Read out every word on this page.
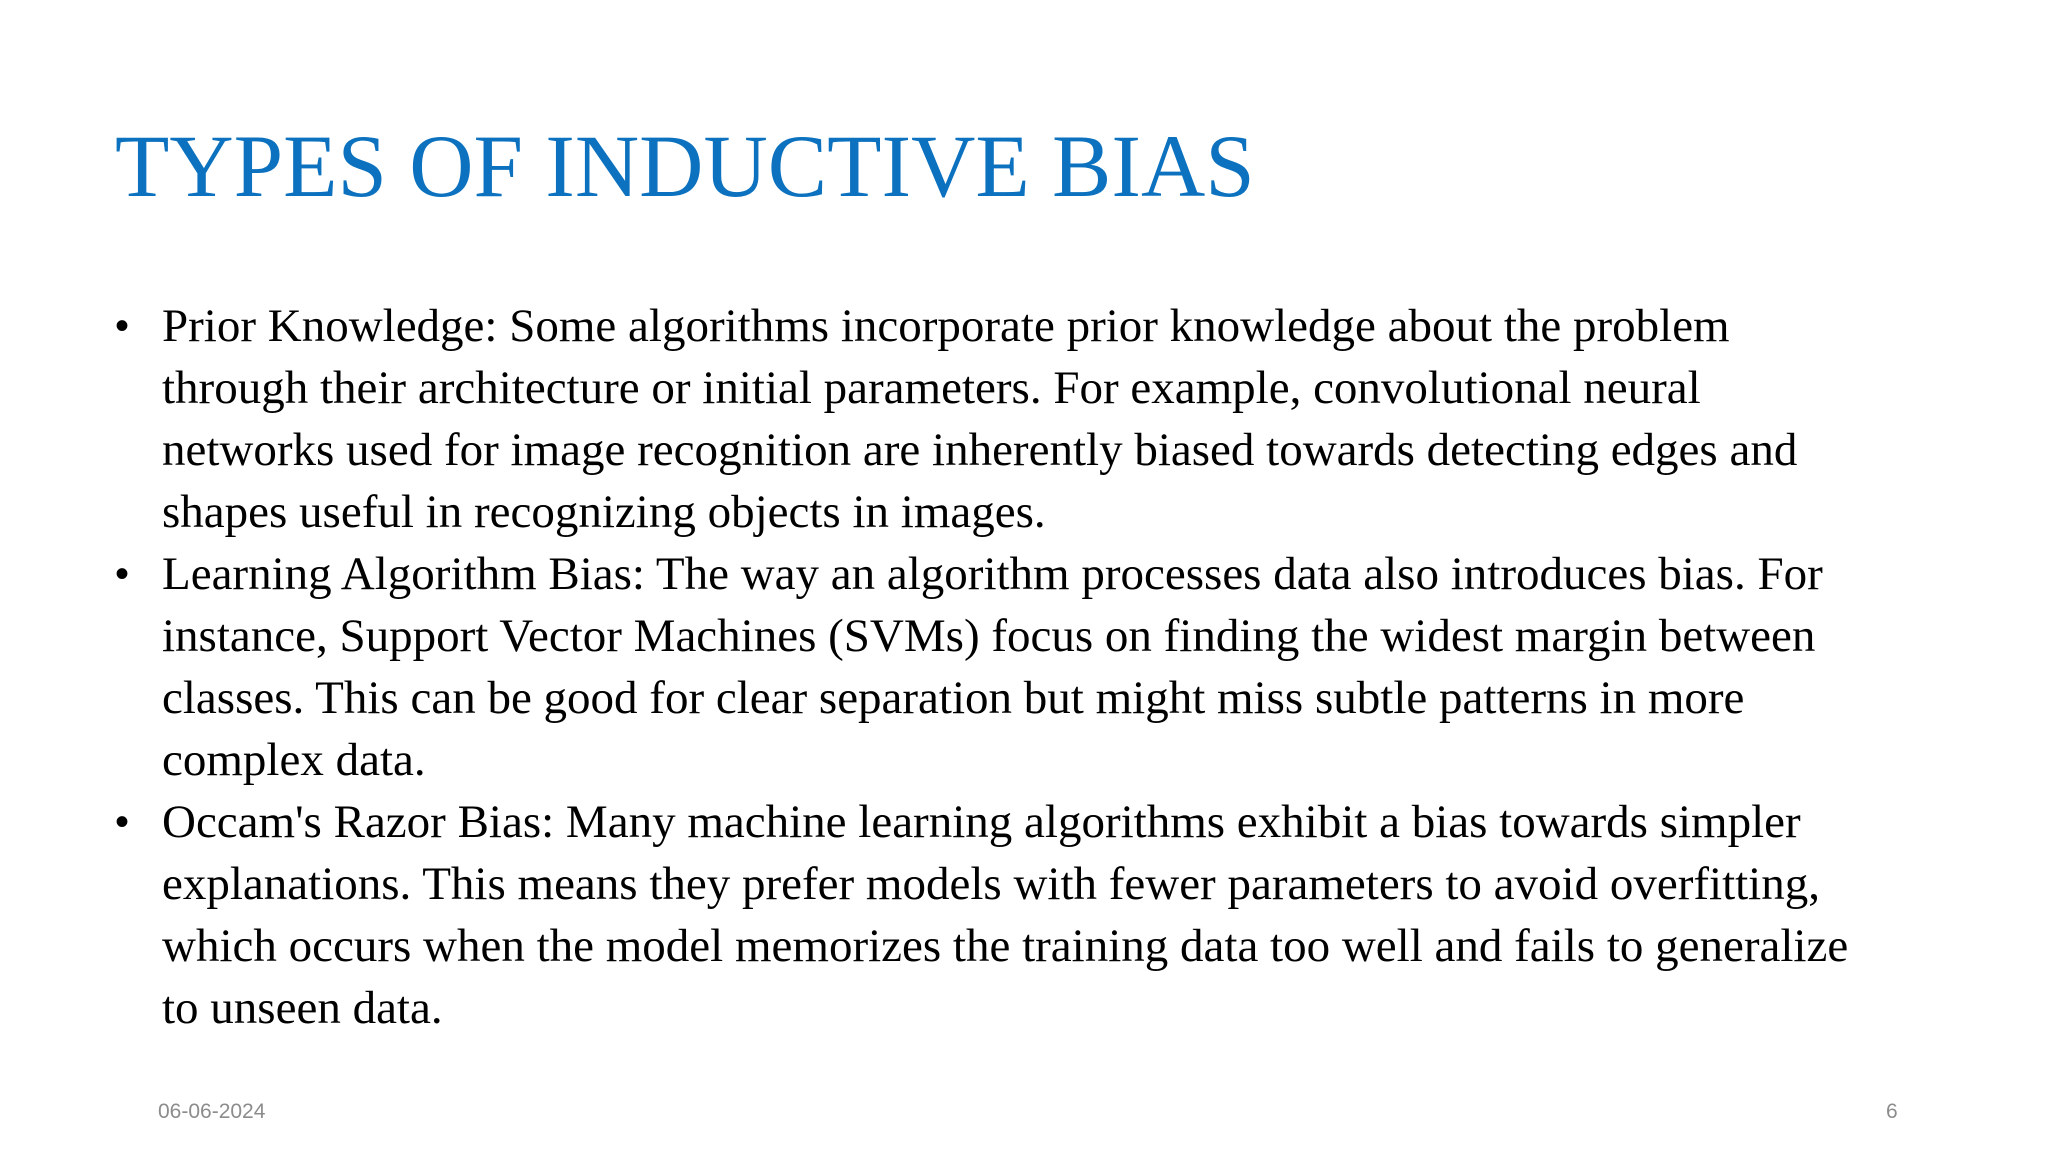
TYPES OF INDUCTIVE BIAS
• Prior Knowledge: Some algorithms incorporate prior knowledge about the problem through their architecture or initial parameters. For example, convolutional neural networks used for image recognition are inherently biased towards detecting edges and shapes useful in recognizing objects in images.
• Learning Algorithm Bias: The way an algorithm processes data also introduces bias. For instance, Support Vector Machines (SVMs) focus on finding the widest margin between classes. This can be good for clear separation but might miss subtle patterns in more complex data.
• Occam's Razor Bias: Many machine learning algorithms exhibit a bias towards simpler explanations. This means they prefer models with fewer parameters to avoid overfitting, which occurs when the model memorizes the training data too well and fails to generalize to unseen data.
06-06-2024	6
